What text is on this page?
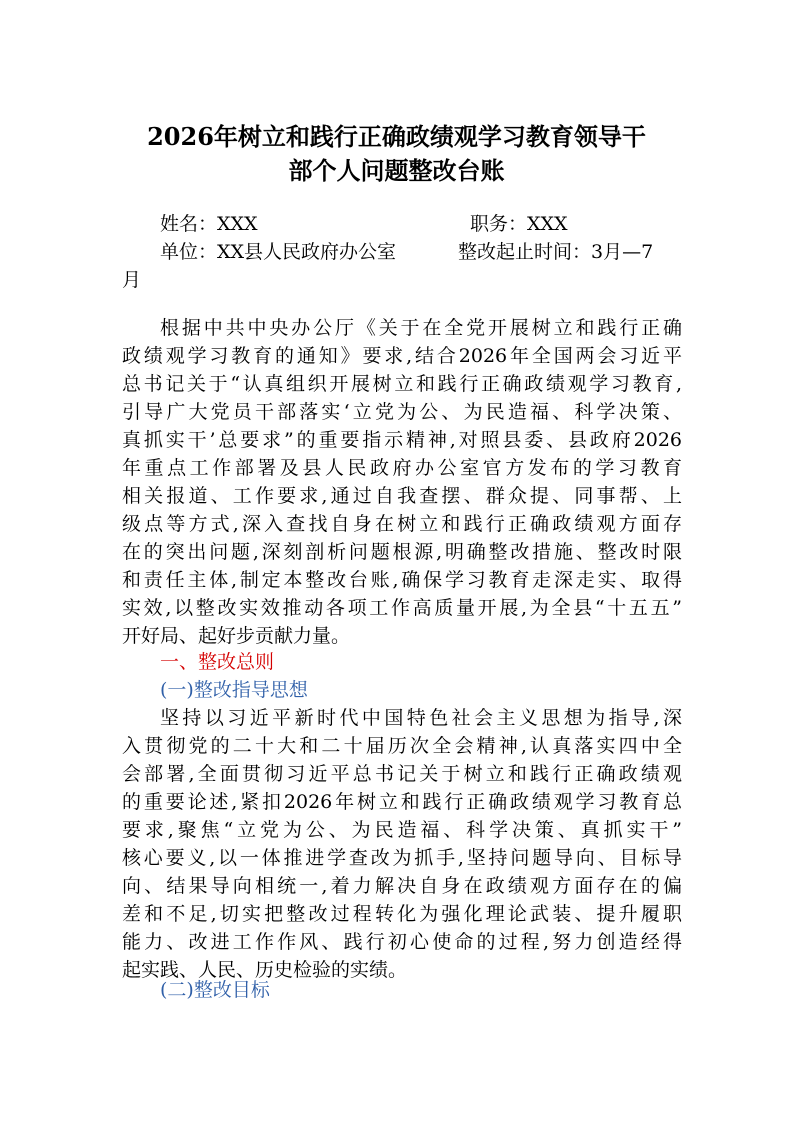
2026年树立和践行正确政绩观学习教育领导干
部个人问题整改台账
姓名：XXX	职务：XXX
单位：XX县人民政府办公室	整改起止时间：3月—7
月
根据中共中央办公厅《关于在全党开展树立和践行正确
政绩观学习教育的通知》要求,结合2026年全国两会习近平
总书记关于“认真组织开展树立和践行正确政绩观学习教育,
引导广大党员干部落实‘立党为公、为民造福、科学决策、
真抓实干’总要求”的重要指示精神,对照县委、县政府2026
年重点工作部署及县人民政府办公室官方发布的学习教育
相关报道、工作要求,通过自我查摆、群众提、同事帮、上
级点等方式,深入查找自身在树立和践行正确政绩观方面存
在的突出问题,深刻剖析问题根源,明确整改措施、整改时限
和责任主体,制定本整改台账,确保学习教育走深走实、取得
实效,以整改实效推动各项工作高质量开展,为全县“十五五”
开好局、起好步贡献力量。
一、整改总则
(一)整改指导思想
坚持以习近平新时代中国特色社会主义思想为指导,深
入贯彻党的二十大和二十届历次全会精神,认真落实四中全
会部署,全面贯彻习近平总书记关于树立和践行正确政绩观
的重要论述,紧扣2026年树立和践行正确政绩观学习教育总
要求,聚焦“立党为公、为民造福、科学决策、真抓实干”
核心要义,以一体推进学查改为抓手,坚持问题导向、目标导
向、结果导向相统一,着力解决自身在政绩观方面存在的偏
差和不足,切实把整改过程转化为强化理论武装、提升履职
能力、改进工作作风、践行初心使命的过程,努力创造经得
起实践、人民、历史检验的实绩。
(二)整改目标
